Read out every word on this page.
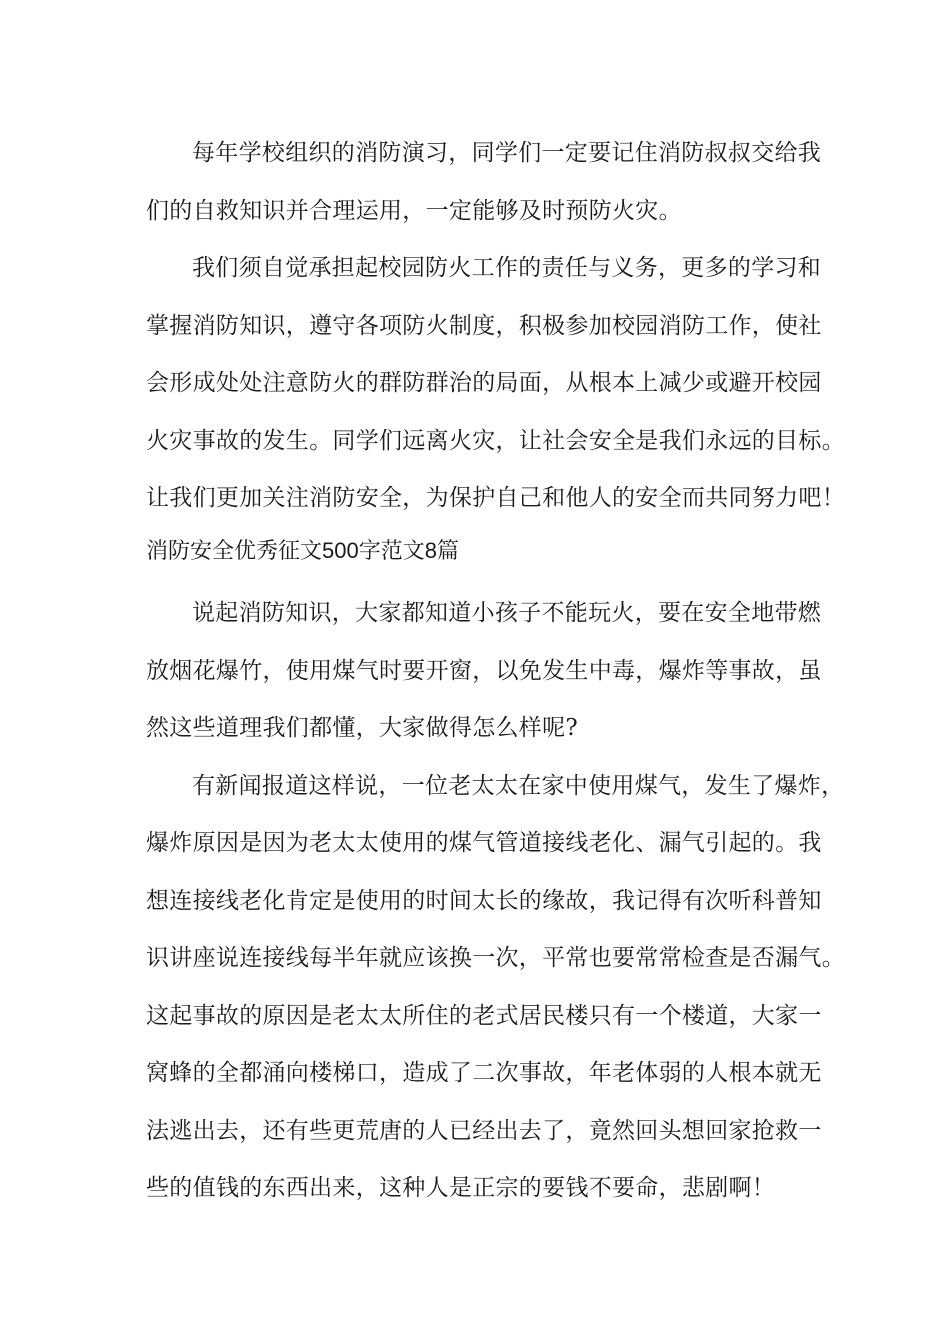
每年学校组织的消防演习，同学们一定要记住消防叔叔交给我
们的自救知识并合理运用，一定能够及时预防火灾。
我们须自觉承担起校园防火工作的责任与义务，更多的学习和
掌握消防知识，遵守各项防火制度，积极参加校园消防工作，使社
会形成处处注意防火的群防群治的局面，从根本上减少或避开校园
火灾事故的发生。同学们远离火灾，让社会安全是我们永远的目标。
让我们更加关注消防安全，为保护自己和他人的安全而共同努力吧！
消防安全优秀征文500字范文8篇
说起消防知识，大家都知道小孩子不能玩火，要在安全地带燃
放烟花爆竹，使用煤气时要开窗，以免发生中毒，爆炸等事故，虽
然这些道理我们都懂，大家做得怎么样呢?
有新闻报道这样说，一位老太太在家中使用煤气，发生了爆炸，
爆炸原因是因为老太太使用的煤气管道接线老化、漏气引起的。我
想连接线老化肯定是使用的时间太长的缘故，我记得有次听科普知
识讲座说连接线每半年就应该换一次，平常也要常常检查是否漏气。
这起事故的原因是老太太所住的老式居民楼只有一个楼道，大家一
窝蜂的全都涌向楼梯口，造成了二次事故，年老体弱的人根本就无
法逃出去，还有些更荒唐的人已经出去了，竟然回头想回家抢救一
些的值钱的东西出来，这种人是正宗的要钱不要命，悲剧啊！
